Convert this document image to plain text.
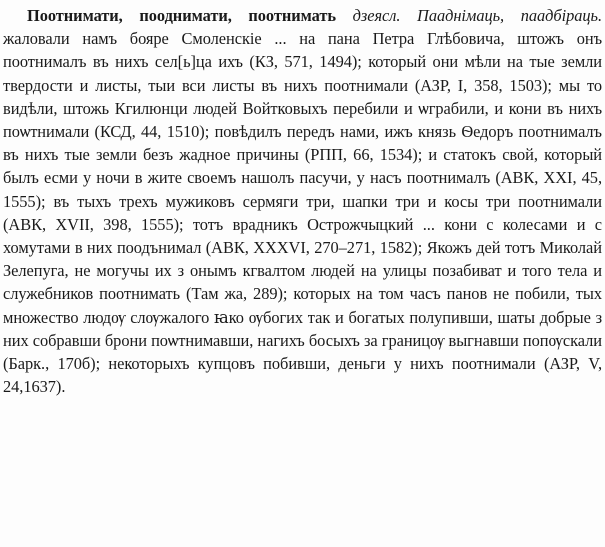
Поотнимати, пооднимати, поотнимать дзеясл. Пааднімаць, паадбіраць. жаловали намъ бояре Смоленскіе ... на пана Петра Глѣбовича, штожъ онъ поотнималъ въ нихъ сел[ь]ца ихъ (КЗ, 571, 1494); который они мѣли на тые земли твердости и листы, тыи вси листы въ нихъ поотнимали (АЗР, I, 358, 1503); мы то видѣли, штожь Кгилюнци людей Войтковыхъ перебили и ѡграбили, и кони въ нихъ поѡтнимали (КСД, 44, 1510); повѣдилъ передъ нами, ижъ князь Ѳедоръ поотнималъ въ нихъ тые земли безъ жадное причины (РПП, 66, 1534); и статокъ свой, который былъ есми у ночи в жите своемъ нашолъ пасучи, у насъ поотнималъ (АВК, XXI, 45, 1555); въ тыхъ трехъ мужиковъ сермяги три, шапки три и косы три поотнимали (АВК, XVII, 398, 1555); тотъ врадникъ Острожчыцкий ... кони с колесами и с хомутами в них поодънимал (АВК, XXXVI, 270–271, 1582); Якожъ дей тотъ Миколай Зелепуга, не могучы их з онымъ кгвалтом людей на улицы позабиват и того тела и служебников поотнимать (Там жа, 289); которых на том часъ панов не побили, тых множество людѹ слѹжалого ꙗко ѹбогих так и богатых полупивши, шаты добрые з них собравши брони поѡтнимавши, нагихъ босыхъ за границѹ выгнавши попѹскали (Барк., 170б); некоторыхъ купцовъ побивши, деньги у нихъ поотнимали (АЗР, V, 24,1637).
